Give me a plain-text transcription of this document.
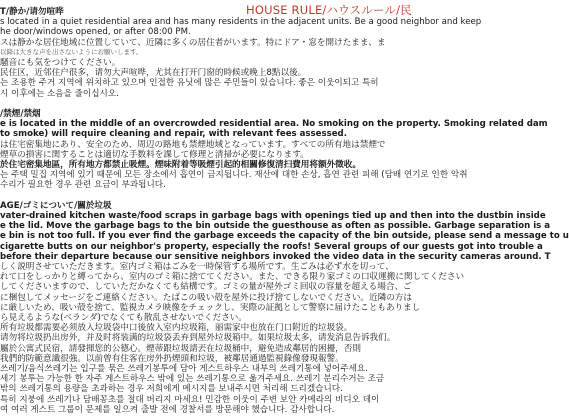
HOUSE RULE/ハウスルール/民
T/静か/请勿喧哗
s located in a quiet residential area and has many residents in the adjacent units. Be a good neighbor and keep
he door/windows opened, or after 08:00 PM.
スは静かな居住地域に位置していて、近隣に多くの居住者がいます。特にドア・窓を開けたまま、ま
以降は大きな声を出さないようにお願いします。
騒音にも気をつけてください。
民住区，近邻住户很多，请勿大声喧哗，尤其在打开门窗的時候或晚上8點以後。
는 조용한 주거 지역에 위치하고 있으며 인접한 유닛에 많은 주민들이 있습니다. 좋은 이웃이되고 특히
시 이후에는 소음을 줄이십시오.
/禁煙/禁烟
e is located in the middle of an overcrowded residential area. No smoking on the property. Smoking related dam
to smoke) will require cleaning and repair, with relevant fees assessed.
は住宅密集地にあり、安全のため、周辺の路地も禁煙地域となっています。すべての所有地は禁煙で
煙草の損害に関することは適切な手数料を課して修理と清掃が必要になります。
於住宅密集地區，所有地方都禁止吸煙。煙味附着等吸煙引起的相關修復清扫費用将额外徵收。
는 주택 밀집 지역에 있기 때문에 모든 장소에서 흡연이 금지됩니다. 재산에 대한 손상, 흡연 관련 피해 (담배 연기로 인한 악취
수리가 필요한 경우 관련 요금이 부과됩니다.
AGE/ゴミについて/關於垃圾
vater-drained kitchen waste/food scraps in garbage bags with openings tied up and then into the dustbin inside
e the lid. Move the garbage bags to the bin outside the guesthouse as often as possible. Garbage separation is a
e bin is not too full. If you ever find the garbage exceeds the capacity of the bin outside, please send a message to u
cigarette butts on our neighbor's property, especially the roofs! Several groups of our guests got into trouble a
before their departure because our sensitive neighbors invoked the video data in the security cameras around. T
しく説明させていただきます。室内ゴミ箱はごみを一時保管する場所です。生ごみは必ず水を切って、
れて口をしっかりと縛ってから、室内のゴミ箱に捨ててください。また、できる限り家ゴミの口収運搬に関してください
してくださいますので、していただかなくても結構です。ゴミの量が屋外ゴミ回収の容量を超える場合、ご
に梱包してメッセージをご連絡ください。たばこの吸い殻を屋外に投げ捨てしないでください。近隣の方は
に厳しいため、吸い殻を捨て、監視カメラ映像をチェックし、実際の証拠として警察に届けたこともありまし
ら見えるような(ベランダ)でなくても散乱させないでください。
所有垃圾都需要必须放入垃圾袋中口後放入室内垃圾箱，丽需家中也放在门口附近的垃圾袋。
请勿将垃圾扔出房外，并及时将装满的垃圾袋丢弃到屋外垃圾箱中。如果垃圾太多，请发消息告诉我们。
屬於公寓式民宿，請發揮您的公德心。煙蒂跟垃圾請丟在垃圾桶中，避免造成鄰居的困擾，否則
我們的防範意識很強。以前曾有住客在房外扔煙頭和垃圾，被鄰居通過監視錄像發現報警。
쓰레기/음식쓰레기는 입구를 묶은 쓰레기봉투에 담아 게스트하우스 내부의 쓰레기통에 넣어주세요.
세기 봉투는 가능한 한 자주 게스트하우스 밖에 있는 쓰레기통으로 옮겨주세요. 쓰레기 분리수거는 조금
밖의 쓰레기통의 용량을 초과하는 경우 저희에게 메시지를 보내주시면 처리해 드리겠습니다.
특히 지붕에 쓰레기나 담배꽁초를 절대 버리지 마세요! 민감한 이웃이 주변 보안 카메라의 비디오 데이
여 여러 게스트 그룹이 문제를 일으켜 출발 전에 경찰서를 방문해야 했습니다. 감사합니다.
